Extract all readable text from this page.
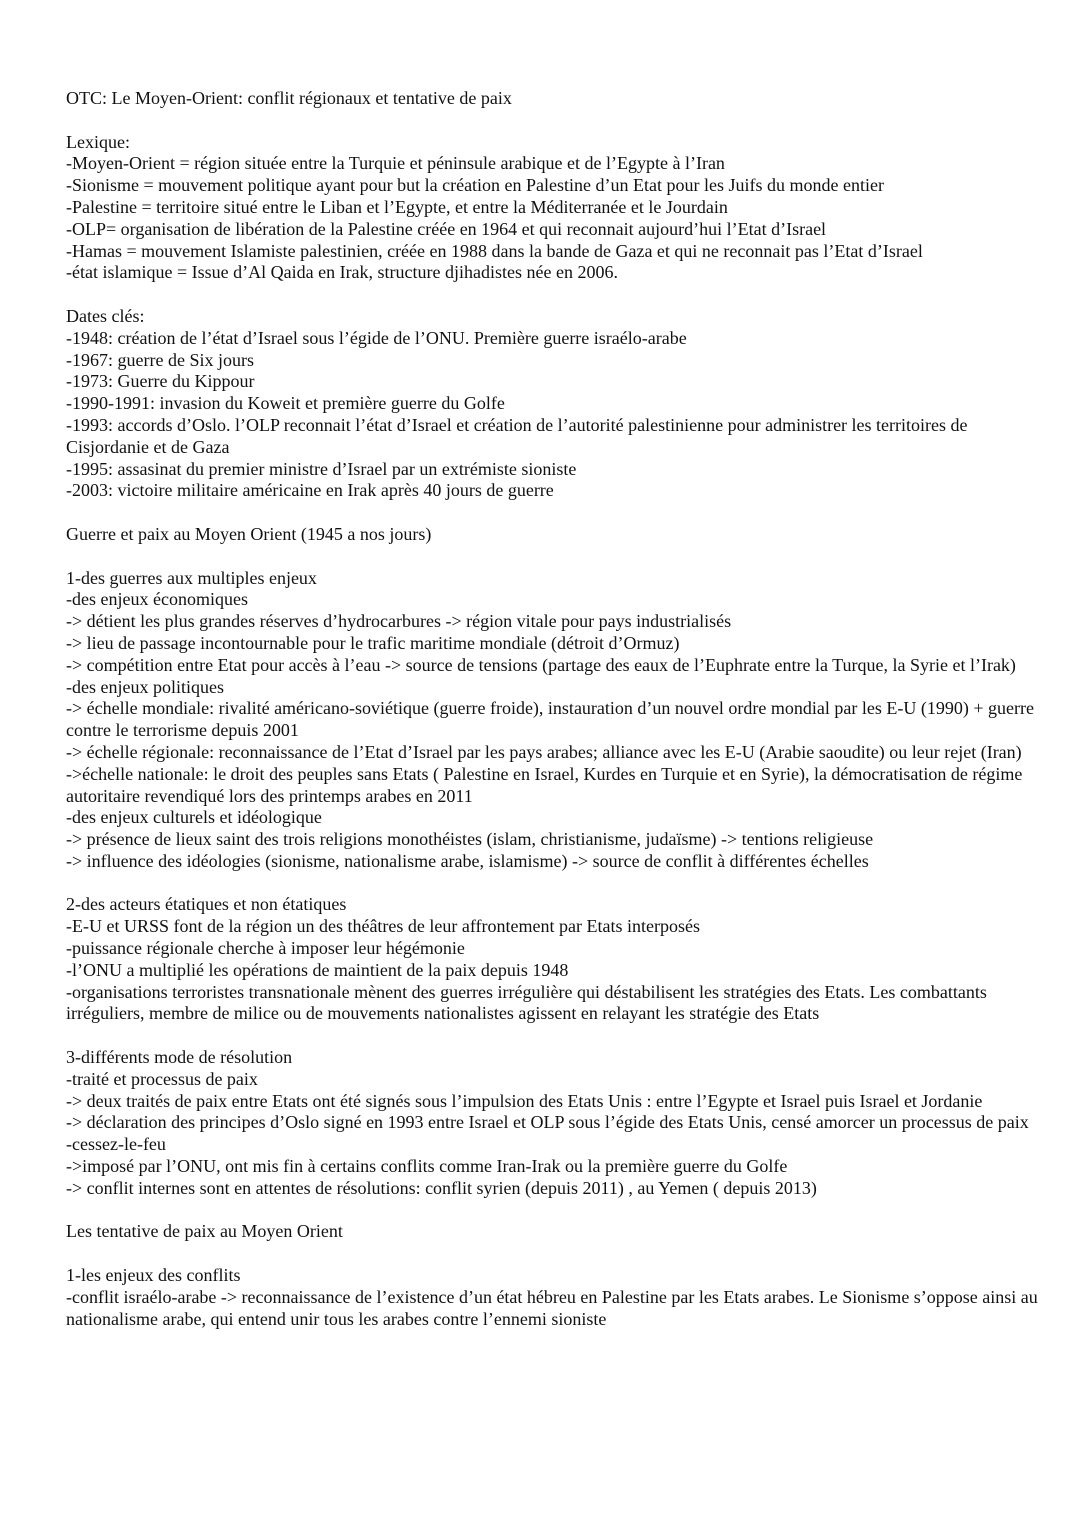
OTC: Le Moyen-Orient: conflit régionaux et tentative de paix

Lexique:

-Moyen-Orient = région située entre la Turquie et péninsule arabique et de l’Egypte à l’Iran

-Sionisme = mouvement politique ayant pour but la création en Palestine d’un Etat pour les Juifs du monde entier

-Palestine = territoire situé entre le Liban et l’Egypte, et entre la Méditerranée et le Jourdain

-OLP= organisation de libération de la Palestine créée en 1964 et qui reconnait aujourd’hui l’Etat d’Israel

-Hamas = mouvement Islamiste palestinien, créée en 1988 dans la bande de Gaza et qui ne reconnait pas l’Etat d’Israel

-état islamique = Issue d’Al Qaida en Irak, structure djihadistes née en 2006.

Dates clés:

-1948: création de l’état d’Israel sous l’égide de l’ONU. Première guerre israélo-arabe

-1967: guerre de Six jours

-1973: Guerre du Kippour

-1990-1991: invasion du Koweit et première guerre du Golfe

-1993: accords d’Oslo. l’OLP reconnait l’état d’Israel et création de l’autorité palestinienne pour administrer les territoires de Cisjordanie et de Gaza

-1995: assasinat du premier ministre d’Israel par un extrémiste sioniste

-2003: victoire militaire américaine en Irak après 40 jours de guerre

Guerre et paix au Moyen Orient (1945 a nos jours)

1-des guerres aux multiples enjeux

-des enjeux économiques

-> détient les plus grandes réserves d’hydrocarbures -> région vitale pour pays industrialisés

-> lieu de passage incontournable pour le trafic maritime mondiale (détroit d’Ormuz)

-> compétition entre Etat pour accès à l’eau -> source de tensions (partage des eaux de l’Euphrate entre la Turque, la Syrie et l’Irak)

-des enjeux politiques

-> échelle mondiale: rivalité américano-soviétique (guerre froide), instauration d’un nouvel ordre mondial par les E-U (1990) + guerre contre le terrorisme depuis 2001

-> échelle régionale: reconnaissance de l’Etat d’Israel par les pays arabes; alliance avec les E-U (Arabie saoudite) ou leur rejet (Iran)

->échelle nationale: le droit des peuples sans Etats ( Palestine en Israel, Kurdes en Turquie et en Syrie), la démocratisation de régime autoritaire revendiqué lors des printemps arabes en 2011

-des enjeux culturels et idéologique

-> présence de lieux saint des trois religions monothéistes (islam, christianisme, judaïsme) -> tentions religieuse

-> influence des idéologies (sionisme, nationalisme arabe, islamisme) -> source de conflit à différentes échelles

2-des acteurs étatiques et non étatiques

-E-U et URSS font de la région un des théâtres de leur affrontement par Etats interposés

-puissance régionale cherche à imposer leur hégémonie

-l’ONU a multiplié les opérations de maintient de la paix depuis 1948

-organisations terroristes transnationale mènent des guerres irrégulière qui déstabilisent les stratégies des Etats. Les combattants irréguliers, membre de milice ou de mouvements nationalistes agissent en relayant les stratégie des Etats

3-différents mode de résolution

-traité et processus de paix

-> deux traités de paix entre Etats ont été signés sous l’impulsion des Etats Unis : entre l’Egypte et Israel puis Israel et Jordanie

-> déclaration des principes d’Oslo signé en 1993 entre Israel et OLP sous l’égide des Etats Unis, censé amorcer un processus de paix

-cessez-le-feu

->imposé par l’ONU, ont mis fin à certains conflits comme Iran-Irak ou la première guerre du Golfe

-> conflit internes sont en attentes de résolutions: conflit syrien (depuis 2011) , au Yemen ( depuis 2013)

Les tentative de paix au Moyen Orient

1-les enjeux des conflits

-conflit israélo-arabe -> reconnaissance de l’existence d’un état hébreu en Palestine par les Etats arabes. Le Sionisme s’oppose ainsi au nationalisme arabe, qui entend unir tous les arabes contre l’ennemi sioniste
